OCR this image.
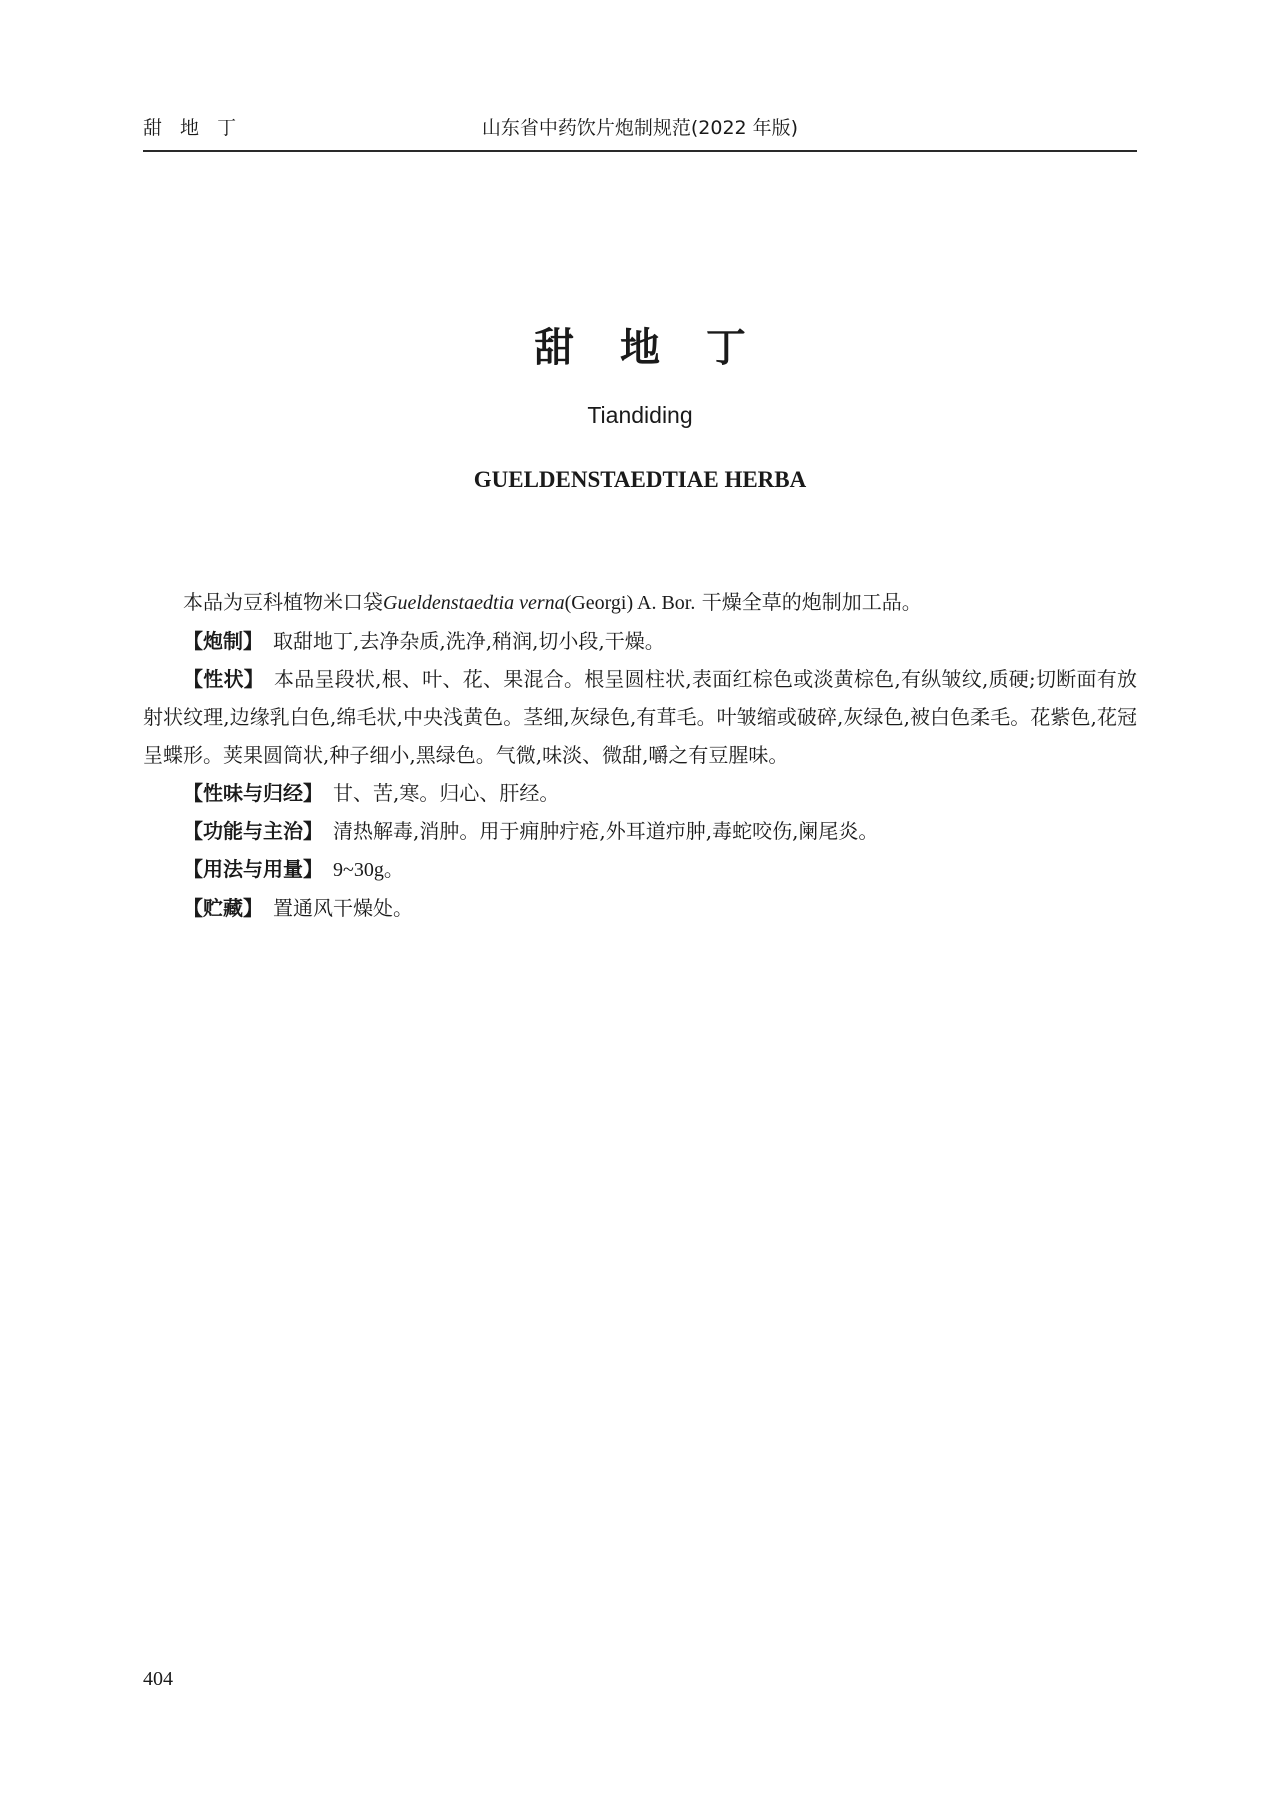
甜 地 丁	山东省中药饮片炮制规范(2022 年版)
甜 地 丁
Tiandiding
GUELDENSTAEDTIAE HERBA

本品为豆科植物米口袋Gueldenstaedtia verna(Georgi) A. Bor. 干燥全草的炮制加工品。

【炮制】 取甜地丁,去净杂质,洗净,稍润,切小段,干燥。

【性状】 本品呈段状,根、叶、花、果混合。根呈圆柱状,表面红棕色或淡黄棕色,有纵皱纹,质硬;切断面有放射状纹理,边缘乳白色,绵毛状,中央浅黄色。茎细,灰绿色,有茸毛。叶皱缩或破碎,灰绿色,被白色柔毛。花紫色,花冠呈蝶形。荚果圆筒状,种子细小,黑绿色。气微,味淡、微甜,嚼之有豆腥味。

【性味与归经】 甘、苦,寒。归心、肝经。

【功能与主治】 清热解毒,消肿。用于痈肿疔疮,外耳道疖肿,毒蛇咬伤,阑尾炎。

【用法与用量】 9~30g。

【贮藏】 置通风干燥处。

404
